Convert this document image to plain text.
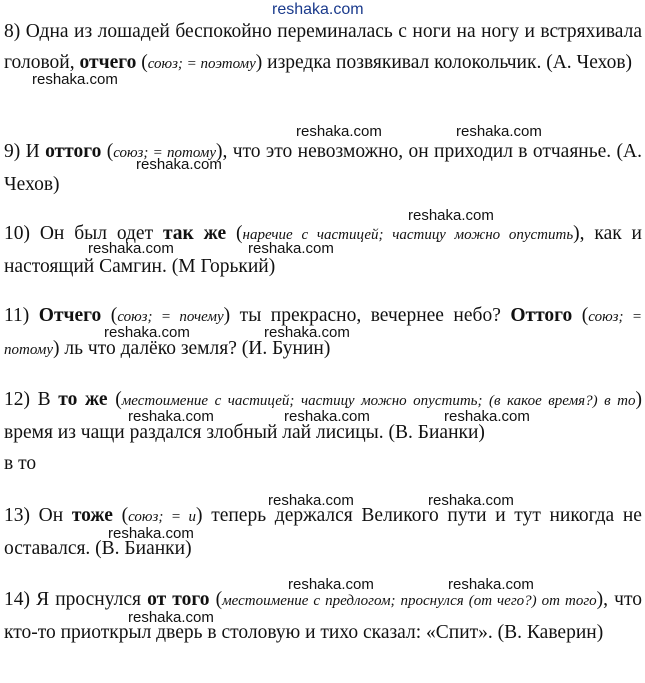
reshaka.com

8) Одна из лошадей беспокойно переминалась с ноги на ногу и встряхивала головой, отчего (союз; = поэтому) изредка позвякивал колокольчик. (А. Чехов)

reshaka.com

9) И оттого (союз; = потому), что это невозможно, он приходил в отчаянье. (А. Чехов)

reshaka.com	reshaka.com
reshaka.com

10) Он был одет так же (наречие с частицей; частицу можно опустить), как и настоящий Самгин. (М Горький)

reshaka.com
reshaka.com	reshaka.com

11) Отчего (союз; = почему) ты прекрасно, вечернее небо? Оттого (союз; = потому) ль что далёко земля? (И. Бунин)

reshaka.com	reshaka.com

12) В то же (местоимение с частицей; частицу можно опустить; (в какое время?) в то) время из чащи раздался злобный лай лисицы. (В. Бианки)
в то

reshaka.com	reshaka.com	reshaka.com

13) Он тоже (союз; = и) теперь держался Великого пути и тут никогда не оставался. (В. Бианки)

reshaka.com	reshaka.com
reshaka.com

14) Я проснулся от того (местоимение с предлогом; проснулся (от чего?) от того), что кто-то приоткрыл дверь в столовую и тихо сказал: «Спит». (В. Каверин)

reshaka.com	reshaka.com
reshaka.com
